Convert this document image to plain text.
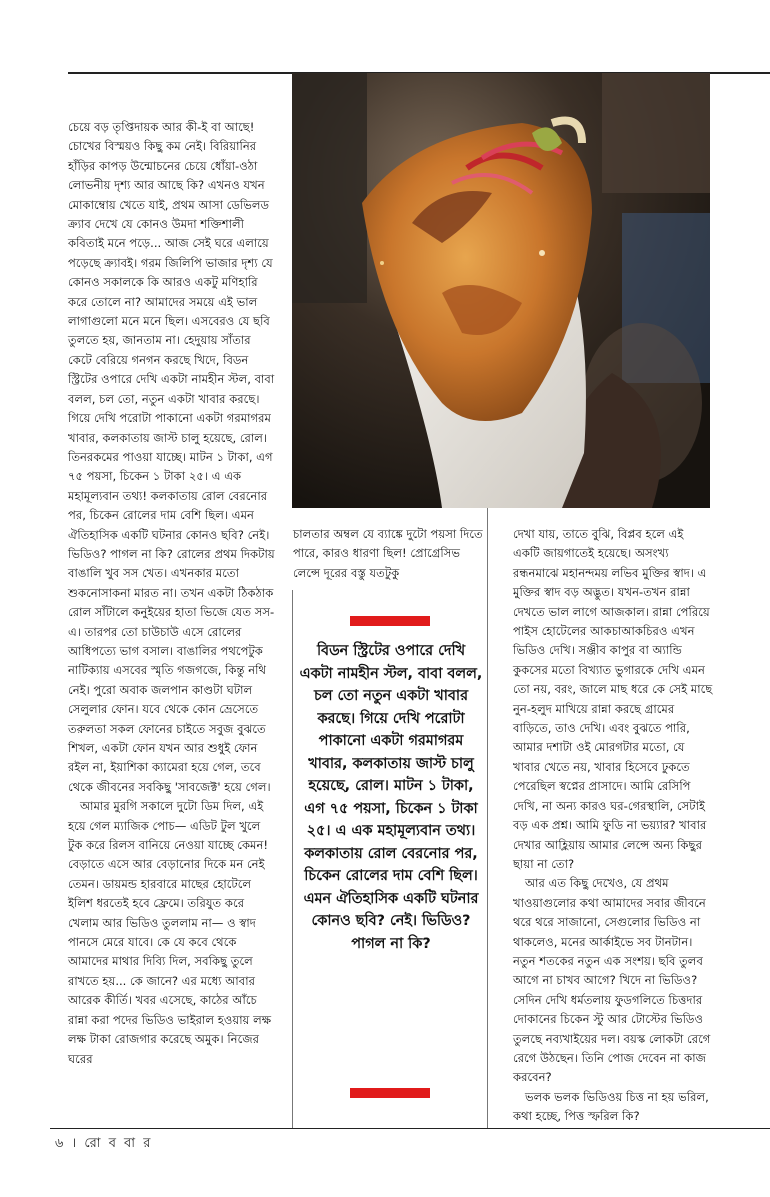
চেয়ে বড় তৃপ্তিদায়ক আর কী-ই বা আছে! চোখের বিস্ময়ও কিছু কম নেই। বিরিয়ানির হাঁড়ির কাপড় উন্মোচনের চেয়ে ধোঁয়া-ওঠা লোভনীয় দৃশ্য আর আছে কি? এখনও যখন মোকাম্বোয় খেতে যাই, প্রথম আসা ডেভিলড ক্র্যাব দেখে যে কোনও উমদা শক্তিশালী কবিতাই মনে পড়ে... আজ সেই ঘরে এলায়ে পড়েছে ক্র্যাবই। গরম জিলিপি ভাজার দৃশ্য যে কোনও সকালকে কি আরও একটু মণিহারি করে তোলে না? আমাদের সময়ে এই ভাল লাগাগুলো মনে মনে ছিল। এসবেরও যে ছবি তুলতে হয়, জানতাম না। হেদুয়ায় সাঁতার কেটে বেরিয়ে গনগন করছে খিদে, বিডন স্ট্রিটের ওপারে দেখি একটা নামহীন স্টল, বাবা বলল, চল তো, নতুন একটা খাবার করছে। গিয়ে দেখি পরোটা পাকানো একটা গরমাগরম খাবার, কলকাতায় জাস্ট চালু হয়েছে, রোল। তিনরকমের পাওয়া যাচ্ছে। মাটন ১ টাকা, এগ ৭৫ পয়সা, চিকেন ১ টাকা ২৫। এ এক মহামূল্যবান তথ্য! কলকাতায় রোল বেরনোর পর, চিকেন রোলের দাম বেশি ছিল। এমন ঐতিহাসিক একটি ঘটনার কোনও ছবি? নেই। ভিডিও? পাগল না কি? রোলের প্রথম দিকটায় বাঙালি খুব সস খেত। এখনকার মতো শুকনোসাকনা মারত না। তখন একটা ঠিকঠাক রোল সাঁটালে কনুইয়ের হাতা ভিজে যেত সস-এ। তারপর তো চাউচাউ এসে রোলের আধিপত্যে ভাগ বসাল। বাঙালির পথপেটুক নাটিক্যায় এসবের স্মৃতি গজগজে, কিন্তু নথি নেই। পুরো অবাক জলপান কাণ্ডটা ঘটাল সেলুলার ফোন। যবে থেকে কোন ভ্রেসেতে তরুলতা সকল ফোনের চাইতে সবুজ বুঝতে শিখল, একটা ফোন যখন আর শুধুই ফোন রইল না, ইয়াশিকা ক্যামেরা হয়ে গেল, তবে থেকে জীবনের সবকিছু 'সাবজেক্ট' হয়ে গেল।

আমার মুরগি সকালে দুটো ডিম দিল, এই হয়ে গেল ম্যাজিক পোচ— এডিট টুল খুলে টুক করে রিলস বানিয়ে নেওয়া যাচ্ছে কেমন! বেড়াতে এসে আর বেড়ানোর দিকে মন নেই তেমন। ডায়মন্ড হারবারে মাছের হোটেলে ইলিশ ধরতেই হবে ফ্রেমে। তরিযুত করে খেলাম আর ভিডিও তুললাম না— ও স্বাদ পানসে মেরে যাবে। কে যে কবে থেকে আমাদের মাথার দিব্যি দিল, সবকিছু তুলে রাখতে হয়... কে জানে? এর মধ্যে আবার আরেক কীর্তি। খবর এসেছে, কাঠের আঁচে রান্না করা পদের ভিডিও ভাইরাল হওয়ায় লক্ষ লক্ষ টাকা রোজগার করেছে অমুক। নিজের ঘরের

চালতার অম্বল যে ব্যাঙ্কে দুটো পয়সা দিতে পারে, কারও ধারণা ছিল! প্রোগ্রেসিভ লেন্সে দূরের বস্তু যতটুকু

বিডন স্ট্রিটের ওপারে দেখি একটা নামহীন স্টল, বাবা বলল, চল তো নতুন একটা খাবার করছে। গিয়ে দেখি পরোটা পাকানো একটা গরমাগরম খাবার, কলকাতায় জাস্ট চালু হয়েছে, রোল। মাটন ১ টাকা, এগ ৭৫ পয়সা, চিকেন ১ টাকা ২৫। এ এক মহামূল্যবান তথ্য। কলকাতায় রোল বেরনোর পর, চিকেন রোলের দাম বেশি ছিল। এমন ঐতিহাসিক একটি ঘটনার কোনও ছবি? নেই। ভিডিও? পাগল না কি?

দেখা যায়, তাতে বুঝি, বিপ্লব হলে এই একটি জায়গাতেই হয়েছে। অসংখ্য রন্ধনমাঝে মহানন্দময় লভিব মুক্তির স্বাদ। এ মুক্তির স্বাদ বড় অদ্ভুত। যখন-তখন রান্না দেখতে ভাল লাগে আজকাল। রান্না পেরিয়ে পাইস হোটেলের আকচাআকচিরও এখন ভিডিও দেখি। সঞ্জীব কাপুর বা অ্যান্ডি কুকসের মতো বিখ্যাত ভুগারকে দেখি এমন তো নয়, বরং, জালে মাছ ধরে কে সেই মাছে নুন-হলুদ মাখিয়ে রান্না করছে গ্রামের বাড়িতে, তাও দেখি। এবং বুঝতে পারি, আমার দশাটা ওই মোরগটার মতো, যে খাবার খেতে নয়, খাবার হিসেবে ঢুকতে পেরেছিল স্বপ্নের প্রাসাদে। আমি রেসিপি দেখি, না অন্য কারও ঘর-গেরস্থালি, সেটাই বড় এক প্রশ্ন। আমি ফুডি না ভয়্যার? খাবার দেখার আহ্লিয়ায় আমার লেন্সে অন্য কিছুর ছায়া না তো?

আর এত কিছু দেখেও, যে প্রথম খাওয়াগুলোর কথা আমাদের সবার জীবনে থরে থরে সাজানো, সেগুলোর ভিডিও না থাকলেও, মনের আর্কাইভে সব টানটান। নতুন শতকের নতুন এক সংশয়। ছবি তুলব আগে না চাখব আগে? খিদে না ভিডিও? সেদিন দেখি ধর্মতলায় ফুডগলিতে চিত্তদার দোকানের চিকেন স্টু আর টোস্টের ভিডিও তুলছে নব্যখাইয়ের দল। বয়স্ক লোকটা রেগে রেগে উঠছেন। তিনি পোজ দেবেন না কাজ করবেন?

ভলক ভলক ভিডিওয় চিত্ত না হয় ভরিল, কথা হচ্ছে, পিত্ত স্ফরিল কি?

৬ । রো ব বা র
